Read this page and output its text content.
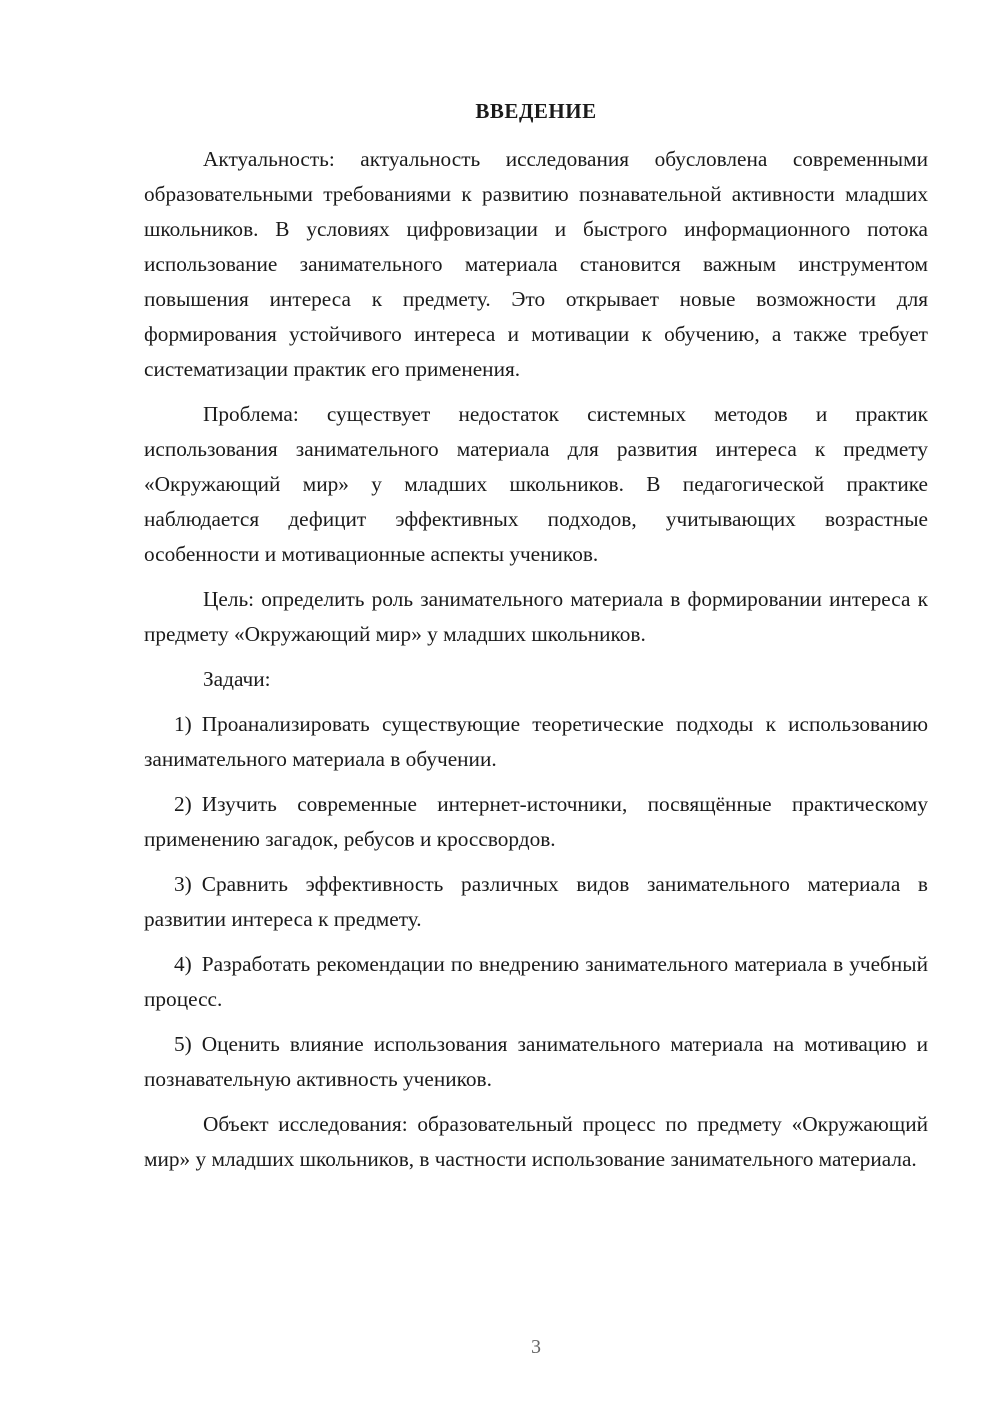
ВВЕДЕНИЕ

Актуальность: актуальность исследования обусловлена современными образовательными требованиями к развитию познавательной активности младших школьников. В условиях цифровизации и быстрого информационного потока использование занимательного материала становится важным инструментом повышения интереса к предмету. Это открывает новые возможности для формирования устойчивого интереса и мотивации к обучению, а также требует систематизации практик его применения.

Проблема: существует недостаток системных методов и практик использования занимательного материала для развития интереса к предмету «Окружающий мир» у младших школьников. В педагогической практике наблюдается дефицит эффективных подходов, учитывающих возрастные особенности и мотивационные аспекты учеников.

Цель: определить роль занимательного материала в формировании интереса к предмету «Окружающий мир» у младших школьников.

Задачи:

1) Проанализировать существующие теоретические подходы к использованию занимательного материала в обучении.

2) Изучить современные интернет-источники, посвящённые практическому применению загадок, ребусов и кроссвордов.

3) Сравнить эффективность различных видов занимательного материала в развитии интереса к предмету.

4) Разработать рекомендации по внедрению занимательного материала в учебный процесс.

5) Оценить влияние использования занимательного материала на мотивацию и познавательную активность учеников.

Объект исследования: образовательный процесс по предмету «Окружающий мир» у младших школьников, в частности использование занимательного материала.

3
